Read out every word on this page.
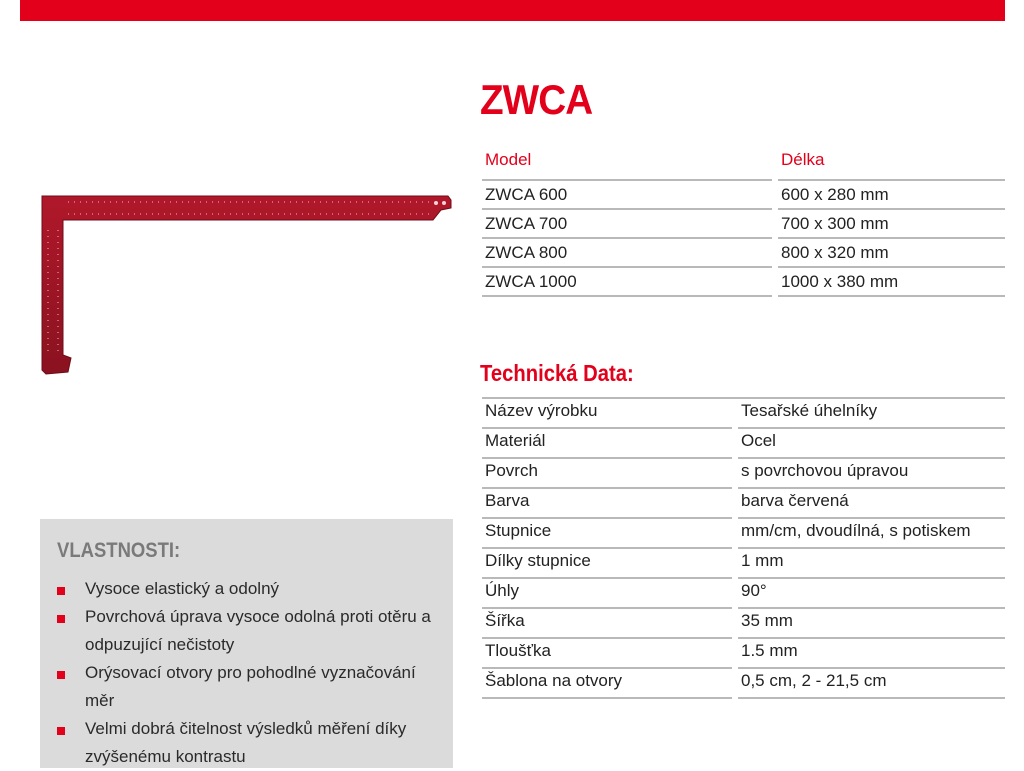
ZWCA
Model	Délka
ZWCA 600	600 x 280 mm
ZWCA 700	700 x 300 mm
ZWCA 800	800 x 320 mm
ZWCA 1000	1000 x 380 mm
Technická Data:
Název výrobku	Tesařské úhelníky
Materiál	Ocel
Povrch	s povrchovou úpravou
Barva	barva červená
Stupnice	mm/cm, dvoudílná, s potiskem
Dílky stupnice	1 mm
Úhly	90°
Šířka	35 mm
Tloušťka	1.5 mm
Šablona na otvory	0,5 cm, 2 - 21,5 cm
VLASTNOSTI:
Vysoce elastický a odolný
Povrchová úprava vysoce odolná proti otěru a odpuzující nečistoty
Orýsovací otvory pro pohodlné vyznačování měr
Velmi dobrá čitelnost výsledků měření díky zvýšenému kontrastu
